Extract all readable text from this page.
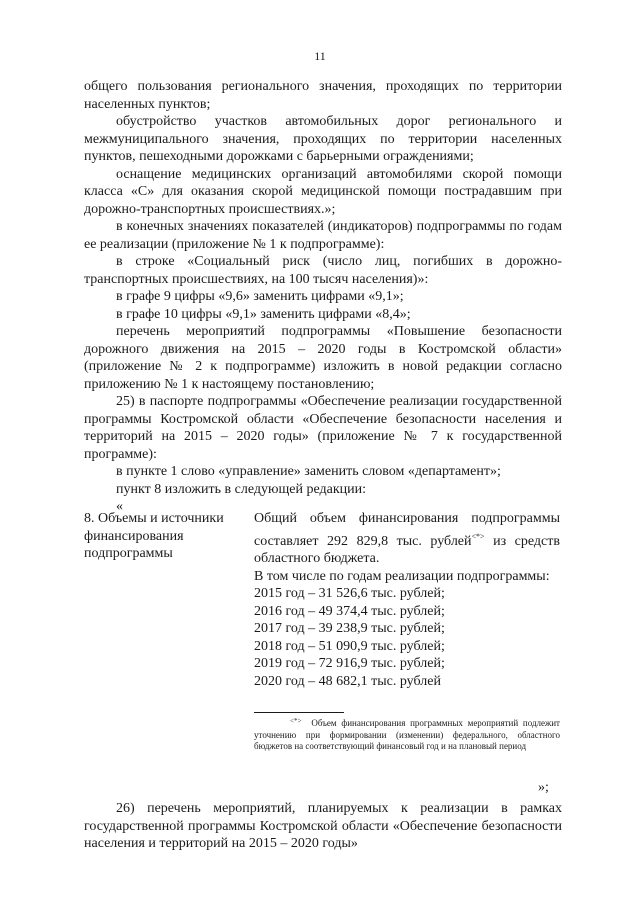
11

общего пользования регионального значения, проходящих по территории населенных пунктов;

обустройство участков автомобильных дорог регионального и межмуниципального значения, проходящих по территории населенных пунктов, пешеходными дорожками с барьерными ограждениями;

оснащение медицинских организаций автомобилями скорой помощи класса «С» для оказания скорой медицинской помощи пострадавшим при дорожно-транспортных происшествиях.»;

в конечных значениях показателей (индикаторов) подпрограммы по годам ее реализации (приложение № 1 к подпрограмме):

в строке «Социальный риск (число лиц, погибших в дорожно-транспортных происшествиях, на 100 тысяч населения)»:

в графе 9 цифры «9,6» заменить цифрами «9,1»;

в графе 10 цифры «9,1» заменить цифрами «8,4»;

перечень мероприятий подпрограммы «Повышение безопасности дорожного движения на 2015 – 2020 годы в Костромской области» (приложение № 2 к подпрограмме) изложить в новой редакции согласно приложению № 1 к настоящему постановлению;

25) в паспорте подпрограммы «Обеспечение реализации государственной программы Костромской области «Обеспечение безопасности населения и территорий на 2015 – 2020 годы» (приложение № 7 к государственной программе):

в пункте 1 слово «управление» заменить словом «департамент»;

пункт 8 изложить в следующей редакции:

«

8. Объемы и источники финансирования подпрограммы

Общий объем финансирования подпрограммы составляет 292 829,8 тыс. рублей<*> из средств областного бюджета.

В том числе по годам реализации подпрограммы:

2015 год – 31 526,6 тыс. рублей;

2016 год – 49 374,4 тыс. рублей;

2017 год – 39 238,9 тыс. рублей;

2018 год – 51 090,9 тыс. рублей;

2019 год – 72 916,9 тыс. рублей;

2020 год – 48 682,1 тыс. рублей

<*> Объем финансирования программных мероприятий подлежит уточнению при формировании (изменении) федерального, областного бюджетов на соответствующий финансовый год и на плановый период
»;

26) перечень мероприятий, планируемых к реализации в рамках государственной программы Костромской области «Обеспечение безопасности населения и территорий на 2015 – 2020 годы»
